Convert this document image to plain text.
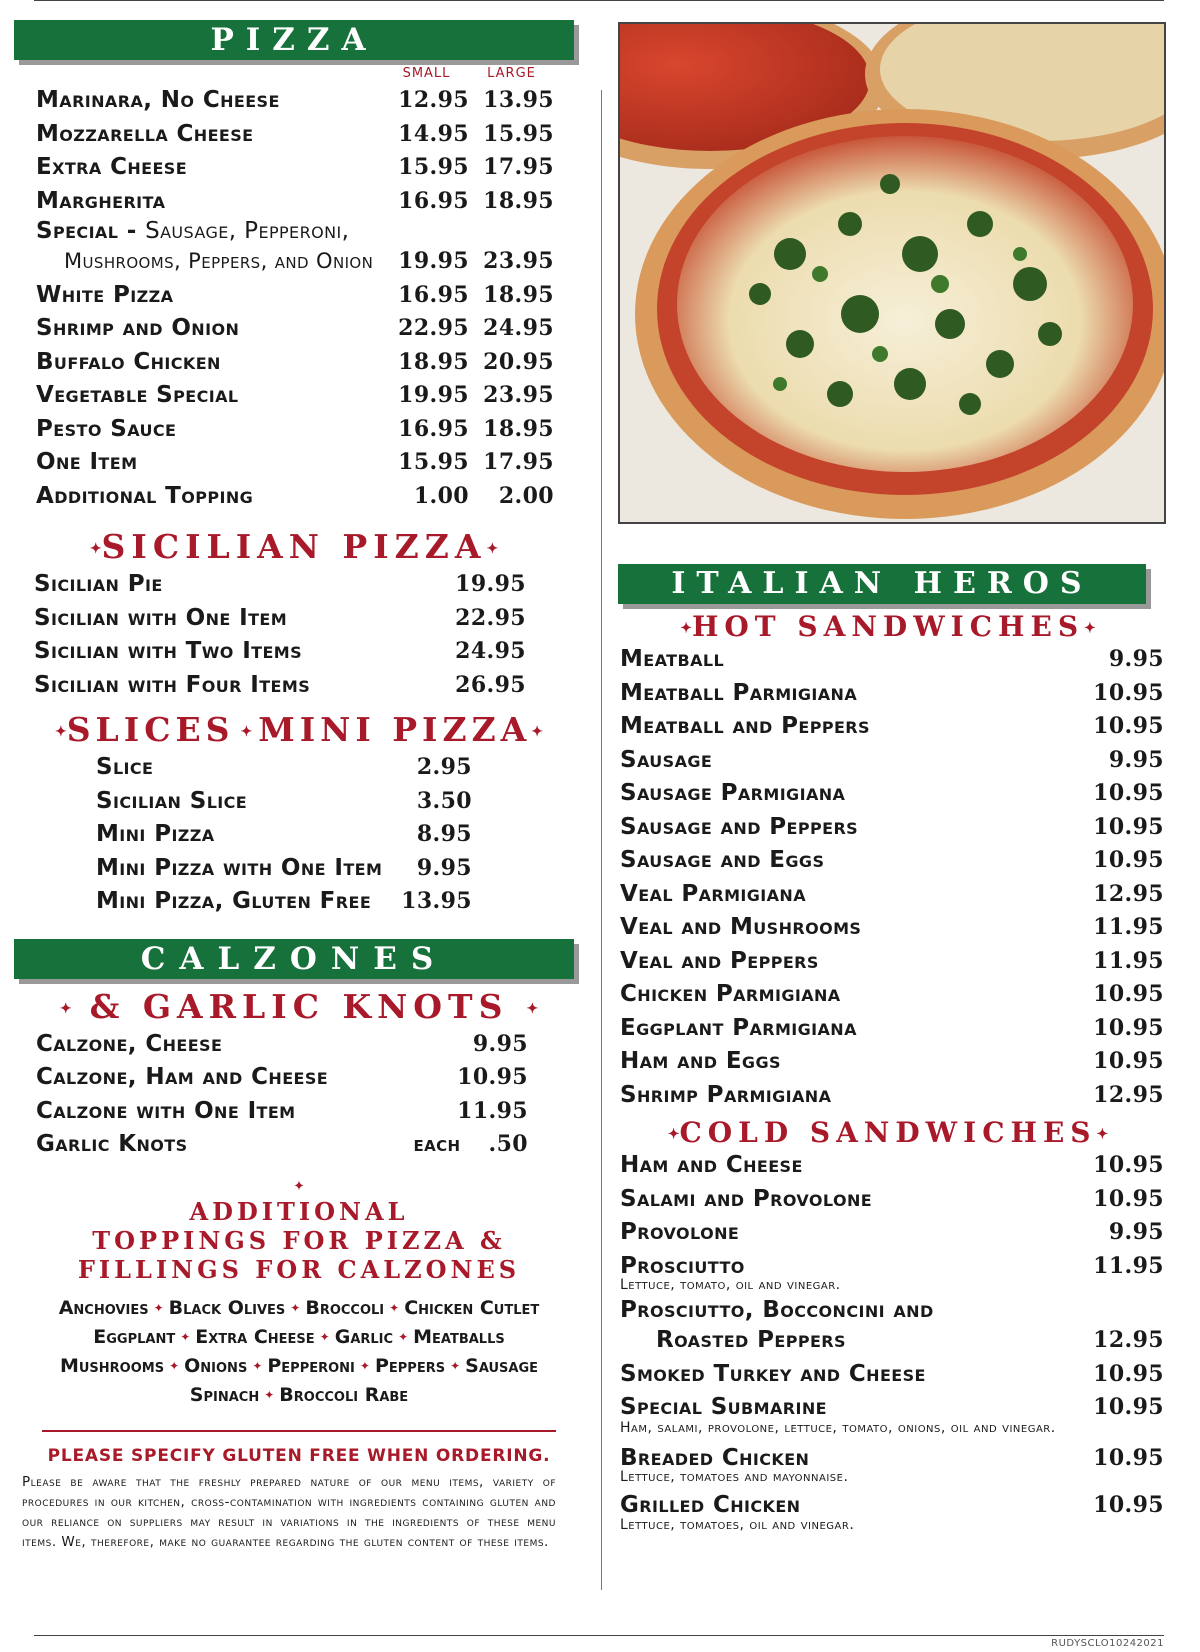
PIZZA
SMALL	LARGE
Marinara, No Cheese	12.95 13.95
Mozzarella Cheese	14.95 15.95
Extra Cheese	15.95 17.95
Margherita	16.95 18.95
Special - Sausage, Pepperoni,
Mushrooms, Peppers, and Onion	19.95 23.95
White Pizza	16.95 18.95
Shrimp and Onion	22.95 24.95
Buffalo Chicken	18.95 20.95
Vegetable Special	19.95 23.95
Pesto Sauce	16.95 18.95
One Item	15.95 17.95
Additional Topping	1.00	2.00
✦SICILIAN PIZZA✦
Sicilian Pie	19.95
Sicilian with One Item	22.95
Sicilian with Two Items	24.95
Sicilian with Four Items	26.95
✦SLICES ✦ MINI PIZZA✦
Slice	2.95
Sicilian Slice	3.50
Mini Pizza	8.95
Mini Pizza with One Item	9.95
Mini Pizza, Gluten Free	13.95
CALZONES
✦ & GARLIC KNOTS ✦
Calzone, Cheese	9.95
Calzone, Ham and Cheese	10.95
Calzone with One Item	11.95
Garlic Knots	EACH .50
✦
ADDITIONAL
TOPPINGS FOR PIZZA &
FILLINGS FOR CALZONES
Anchovies ✦ Black Olives ✦ Broccoli ✦ Chicken Cutlet
Eggplant ✦ Extra Cheese ✦ Garlic ✦ Meatballs
Mushrooms ✦ Onions ✦ Pepperoni ✦ Peppers ✦ Sausage
Spinach ✦ Broccoli Rabe
PLEASE SPECIFY GLUTEN FREE WHEN ORDERING.
Please be aware that the freshly prepared nature of our menu items, variety of procedures in our kitchen, cross-contamination with ingredients containing gluten and our reliance on suppliers may result in variations in the ingredients of these menu items. We, therefore, make no guarantee regarding the gluten content of these items.
ITALIAN HEROS
✦HOT SANDWICHES✦
Meatball	9.95
Meatball Parmigiana	10.95
Meatball and Peppers	10.95
Sausage	9.95
Sausage Parmigiana	10.95
Sausage and Peppers	10.95
Sausage and Eggs	10.95
Veal Parmigiana	12.95
Veal and Mushrooms	11.95
Veal and Peppers	11.95
Chicken Parmigiana	10.95
Eggplant Parmigiana	10.95
Ham and Eggs	10.95
Shrimp Parmigiana	12.95
✦COLD SANDWICHES✦
Ham and Cheese	10.95
Salami and Provolone	10.95
Provolone	9.95
Prosciutto	11.95
Lettuce, tomato, oil and vinegar.
Prosciutto, Bocconcini and
Roasted Peppers	12.95
Smoked Turkey and Cheese	10.95
Special Submarine	10.95
Ham, salami, provolone, lettuce, tomato, onions, oil and vinegar.
Breaded Chicken	10.95
Lettuce, tomatoes and mayonnaise.
Grilled Chicken	10.95
Lettuce, tomatoes, oil and vinegar.
RUDYSCLO10242021
